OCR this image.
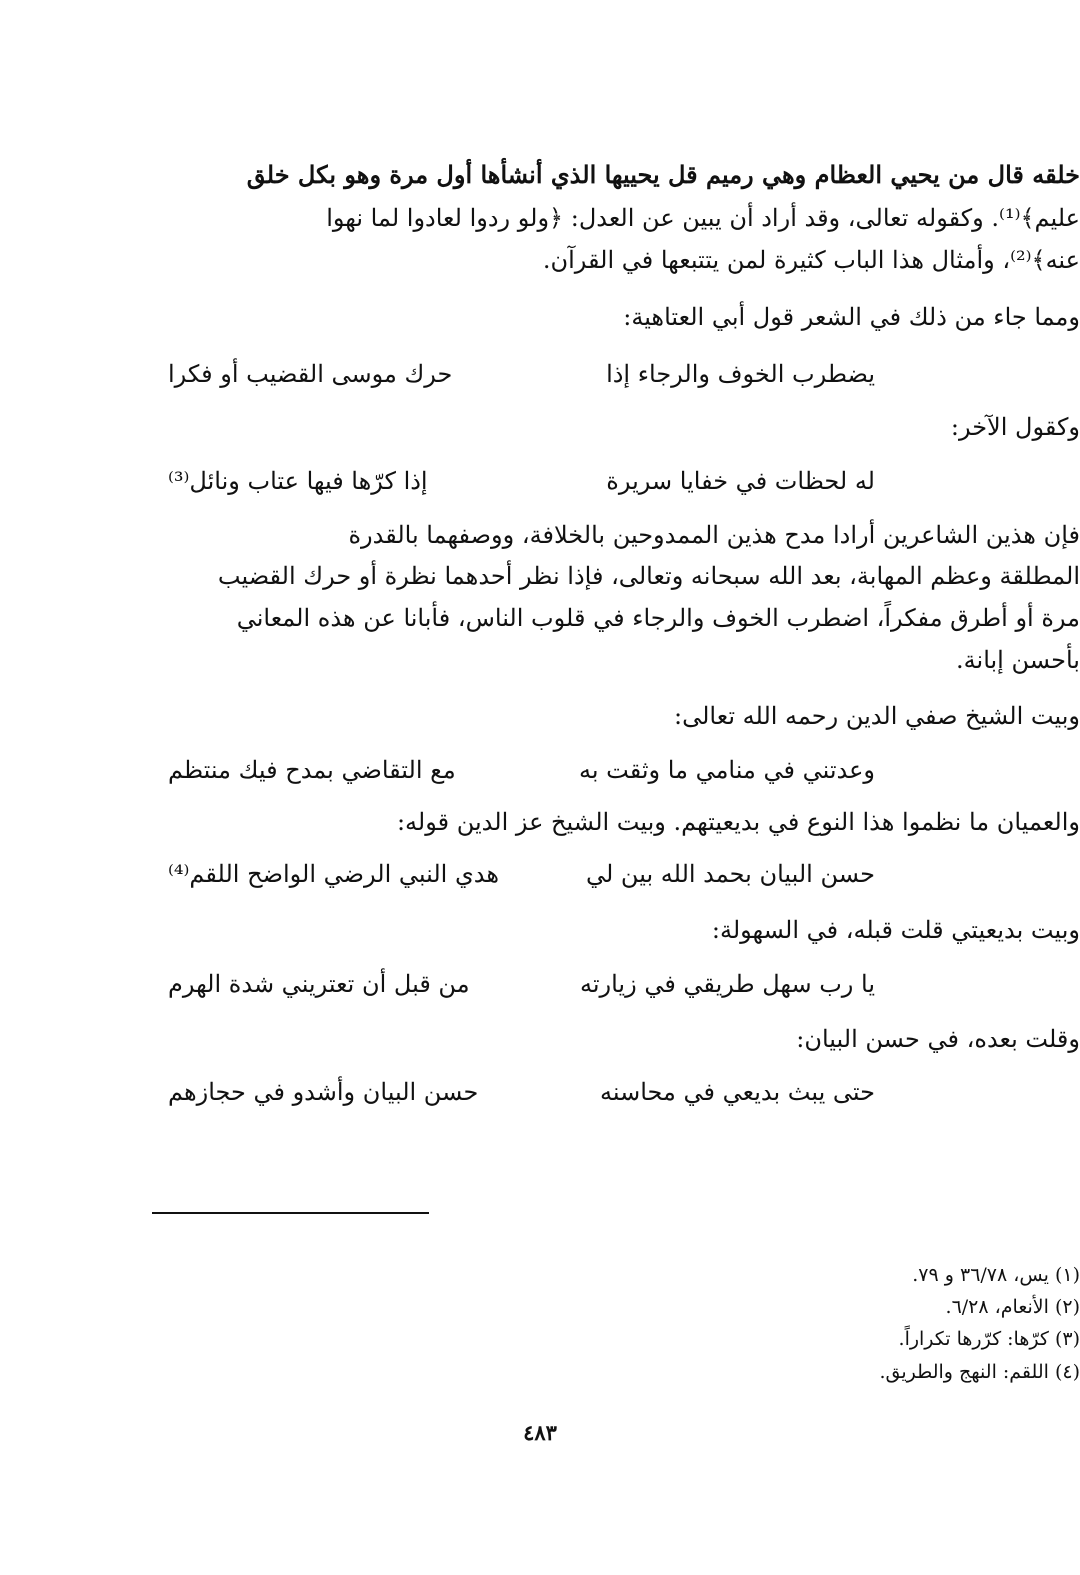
خلقه قال من يحيي العظام وهي رميم قل يحييها الذي أنشأها أول مرة وهو بكل خلق

عليم﴾⁽¹⁾. وكقوله تعالى، وقد أراد أن يبين عن العدل: ﴿ولو ردوا لعادوا لما نهوا

عنه﴾⁽²⁾، وأمثال هذا الباب كثيرة لمن يتتبعها في القرآن.

ومما جاء من ذلك في الشعر قول أبي العتاهية:

يضطرب الخوف والرجاء إذا
حرك موسى القضيب أو فكرا

وكقول الآخر:

له لحظات في خفايا سريرة
إذا كرّها فيها عتاب ونائل⁽³⁾

فإن هذين الشاعرين أرادا مدح هذين الممدوحين بالخلافة، ووصفهما بالقدرة

المطلقة وعظم المهابة، بعد الله سبحانه وتعالى، فإذا نظر أحدهما نظرة أو حرك القضيب

مرة أو أطرق مفكراً، اضطرب الخوف والرجاء في قلوب الناس، فأبانا عن هذه المعاني

بأحسن إبانة.

وبيت الشيخ صفي الدين رحمه الله تعالى:

وعدتني في منامي ما وثقت به
مع التقاضي بمدح فيك منتظم

والعميان ما نظموا هذا النوع في بديعيتهم. وبيت الشيخ عز الدين قوله:

حسن البيان بحمد الله بين لي
هدي النبي الرضي الواضح اللقم⁽⁴⁾

وبيت بديعيتي قلت قبله، في السهولة:

يا رب سهل طريقي في زيارته
من قبل أن تعتريني شدة الهرم

وقلت بعده، في حسن البيان:

حتى يبث بديعي في محاسنه
حسن البيان وأشدو في حجازهم

(١) يس، ٣٦/٧٨ و ٧٩.

(٢) الأنعام، ٦/٢٨.

(٣) كرّها: كرّرها تكراراً.

(٤) اللقم: النهج والطريق.

٤٨٣
